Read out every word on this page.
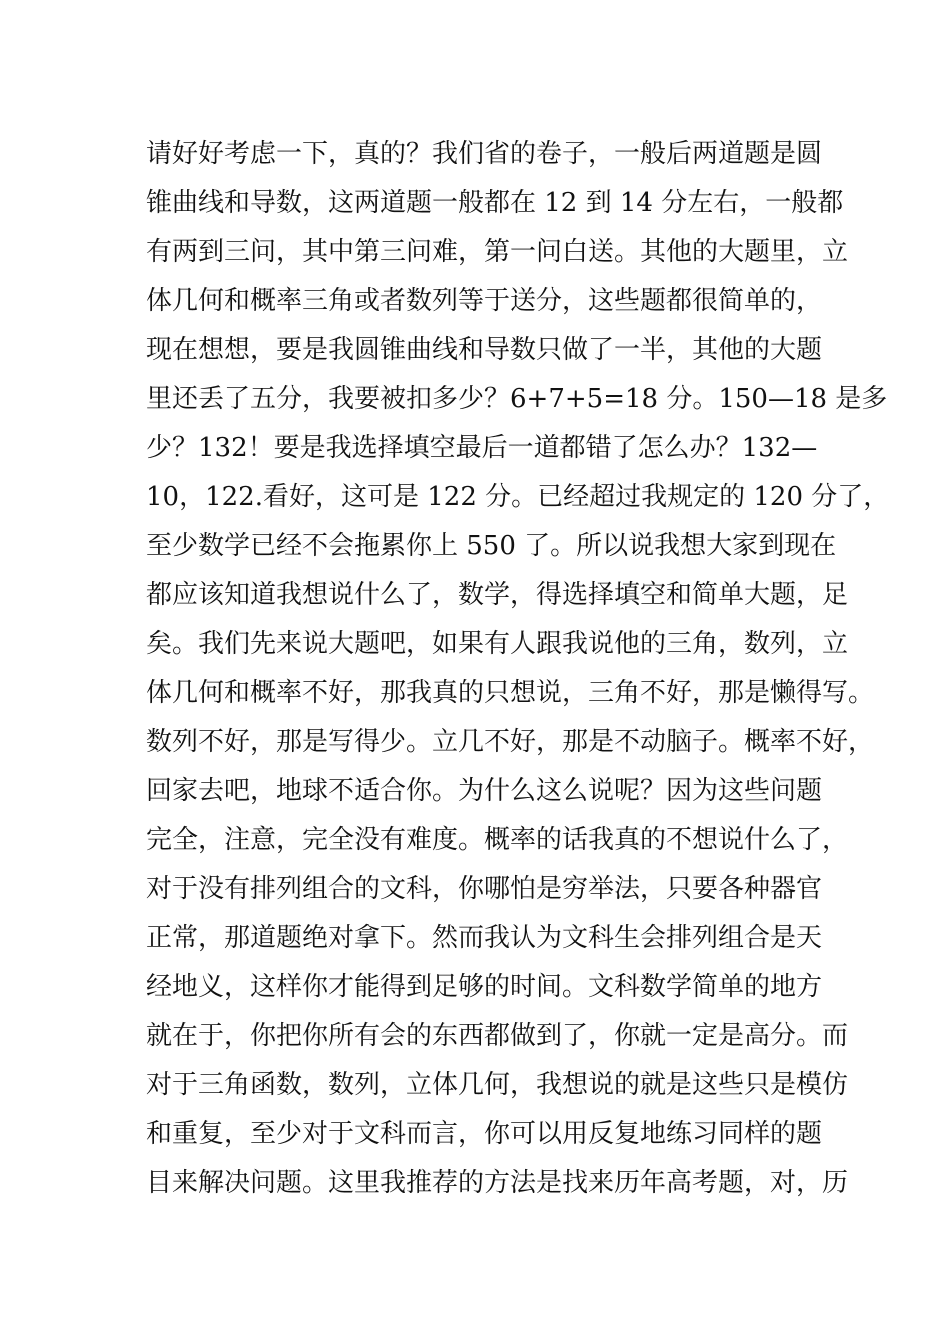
请好好考虑一下，真的？我们省的卷子，一般后两道题是圆
锥曲线和导数，这两道题一般都在 12 到 14 分左右，一般都
有两到三问，其中第三问难，第一问白送。其他的大题里，立
体几何和概率三角或者数列等于送分，这些题都很简单的，
现在想想，要是我圆锥曲线和导数只做了一半，其他的大题
里还丢了五分，我要被扣多少？6+7+5=18 分。150—18 是多
少？132！要是我选择填空最后一道都错了怎么办？132—
10，122.看好，这可是 122 分。已经超过我规定的 120 分了，
至少数学已经不会拖累你上 550 了。所以说我想大家到现在
都应该知道我想说什么了，数学，得选择填空和简单大题，足
矣。我们先来说大题吧，如果有人跟我说他的三角，数列，立
体几何和概率不好，那我真的只想说，三角不好，那是懒得写。
数列不好，那是写得少。立几不好，那是不动脑子。概率不好，
回家去吧，地球不适合你。为什么这么说呢？因为这些问题
完全，注意，完全没有难度。概率的话我真的不想说什么了，
对于没有排列组合的文科，你哪怕是穷举法，只要各种器官
正常，那道题绝对拿下。然而我认为文科生会排列组合是天
经地义，这样你才能得到足够的时间。文科数学简单的地方
就在于，你把你所有会的东西都做到了，你就一定是高分。而
对于三角函数，数列，立体几何，我想说的就是这些只是模仿
和重复，至少对于文科而言，你可以用反复地练习同样的题
目来解决问题。这里我推荐的方法是找来历年高考题，对，历
